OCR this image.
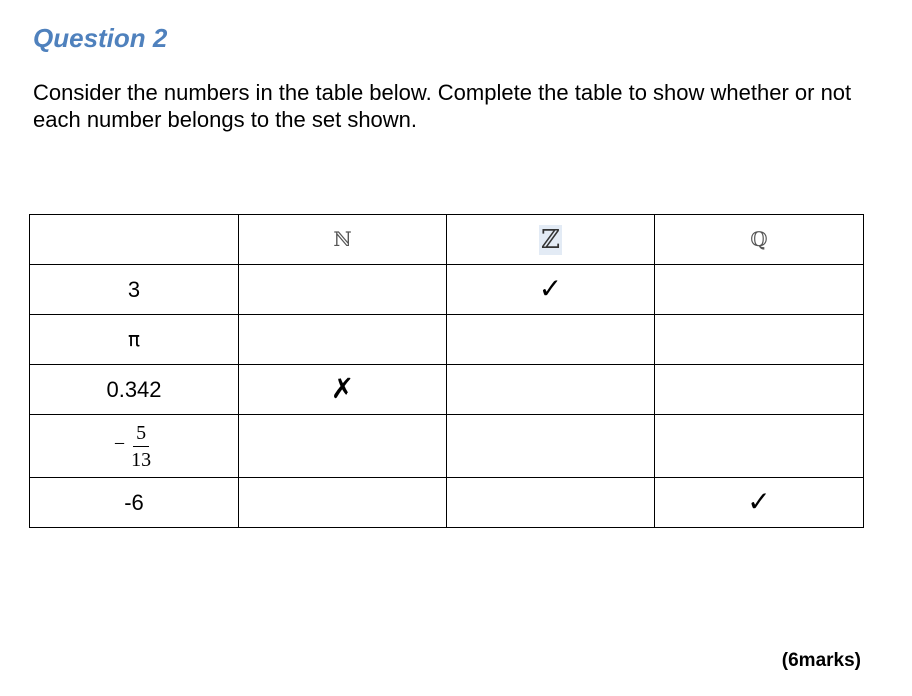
Question 2
Consider the numbers in the table below. Complete the table to show whether or not each number belongs to the set shown.
	ℕ	ℤ	ℚ
3		✓	
π			
0.342	✗		

− $\frac{5}{13}$

-6			✓
(6marks)
